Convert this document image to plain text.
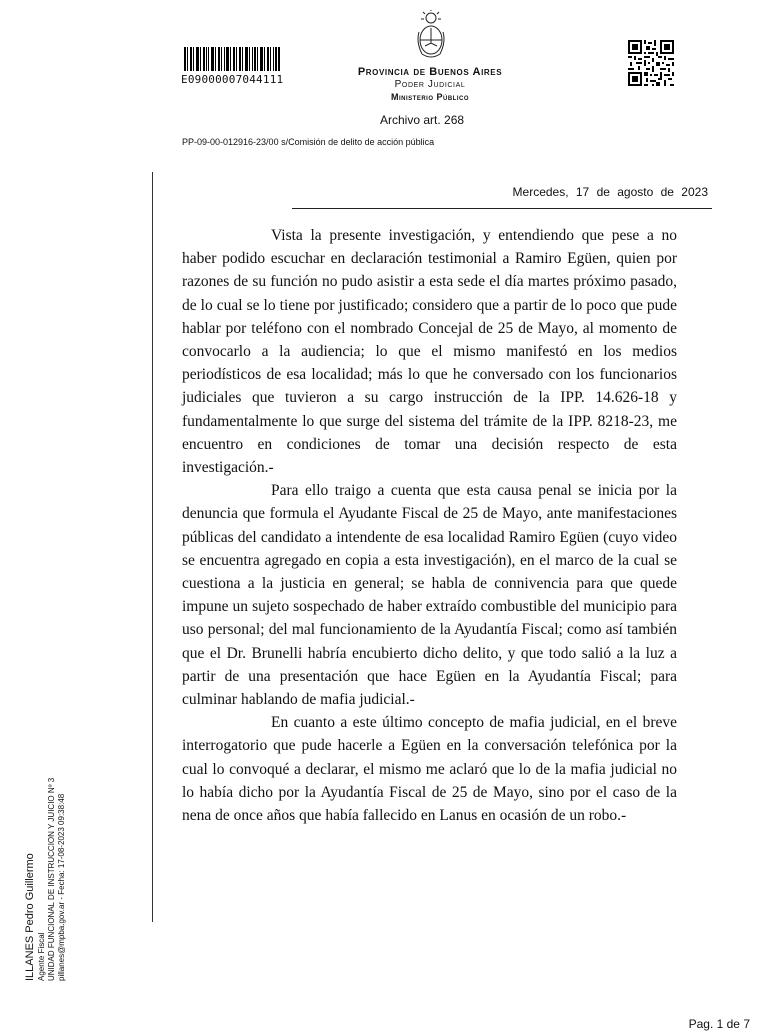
E09000007044111
Provincia de Buenos Aires
Poder Judicial
Ministerio Público
Archivo art. 268
PP-09-00-012916-23/00 s/Comisión de delito de acción pública
Mercedes, 17 de agosto de 2023

Vista la presente investigación, y entendiendo que pese a no haber podido escuchar en declaración testimonial a Ramiro Egüen, quien por razones de su función no pudo asistir a esta sede el día martes próximo pasado, de lo cual se lo tiene por justificado; considero que a partir de lo poco que pude hablar por teléfono con el nombrado Concejal de 25 de Mayo, al momento de convocarlo a la audiencia; lo que el mismo manifestó en los medios periodísticos de esa localidad; más lo que he conversado con los funcionarios judiciales que tuvieron a su cargo instrucción de la IPP. 14.626-18 y fundamentalmente lo que surge del sistema del trámite de la IPP. 8218-23, me encuentro en condiciones de tomar una decisión respecto de esta investigación.-

Para ello traigo a cuenta que esta causa penal se inicia por la denuncia que formula el Ayudante Fiscal de 25 de Mayo, ante manifestaciones públicas del candidato a intendente de esa localidad Ramiro Egüen (cuyo video se encuentra agregado en copia a esta investigación), en el marco de la cual se cuestiona a la justicia en general; se habla de connivencia para que quede impune un sujeto sospechado de haber extraído combustible del municipio para uso personal; del mal funcionamiento de la Ayudantía Fiscal; como así también que el Dr. Brunelli habría encubierto dicho delito, y que todo salió a la luz a partir de una presentación que hace Egüen en la Ayudantía Fiscal; para culminar hablando de mafia judicial.-

En cuanto a este último concepto de mafia judicial, en el breve interrogatorio que pude hacerle a Egüen en la conversación telefónica por la cual lo convoqué a declarar, el mismo me aclaró que lo de la mafia judicial no lo había dicho por la Ayudantía Fiscal de 25 de Mayo, sino por el caso de la nena de once años que había fallecido en Lanus en ocasión de un robo.-

ILLANES Pedro Guillermo Agente Fiscal UNIDAD FUNCIONAL DE INSTRUCCION Y JUICIO Nº 3 pillanes@mpba.gov.ar - Fecha: 17-08-2023 09:38:48
Pag. 1 de 7
